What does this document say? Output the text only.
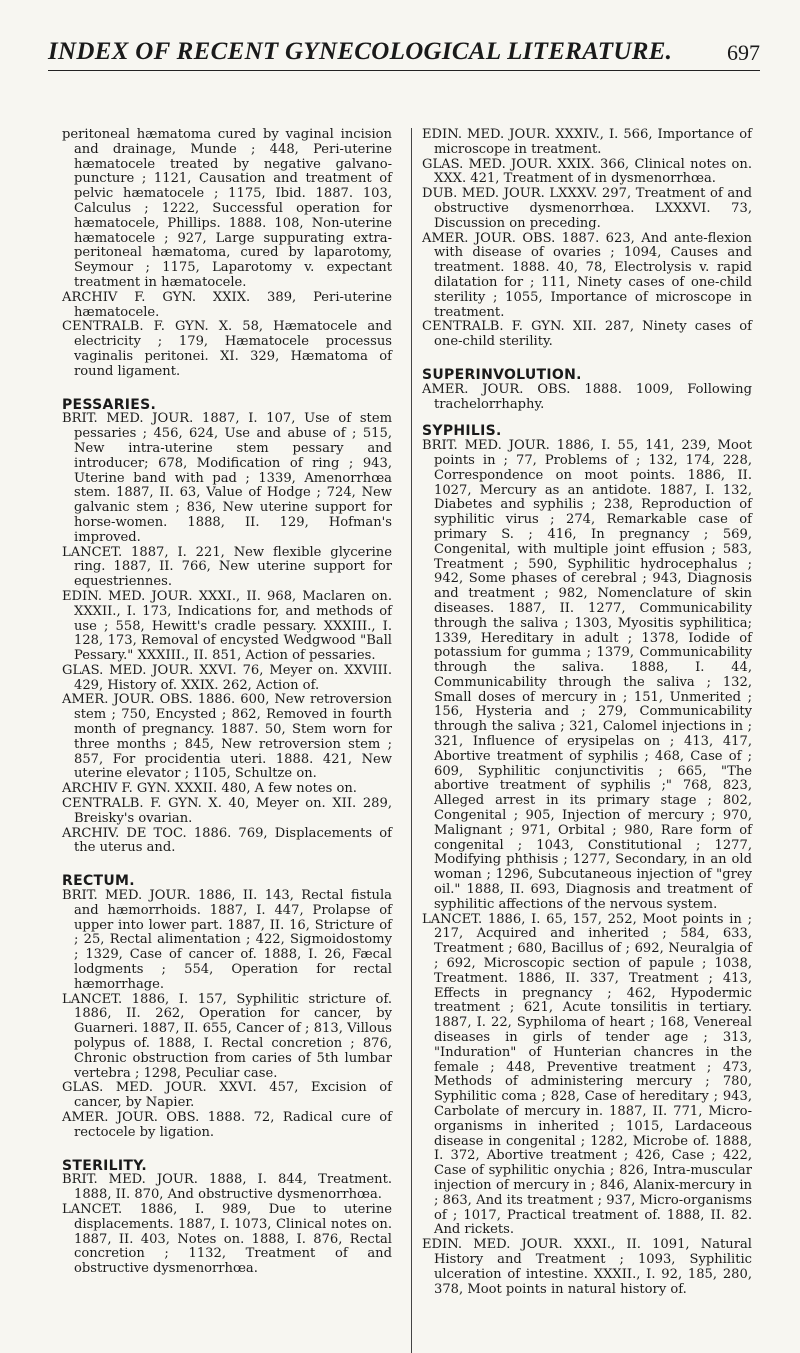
INDEX OF RECENT GYNECOLOGICAL LITERATURE. 697

peritoneal hæmatoma cured by vaginal incision and drainage, Munde ; 448, Peri-uterine hæmatocele treated by negative galvano-puncture ; 1121, Causation and treatment of pelvic hæmatocele ; 1175, Ibid. 1887. 103, Calculus ; 1222, Successful operation for hæmatocele, Phillips. 1888. 108, Non-uterine hæmatocele ; 927, Large suppurating extra-peritoneal hæmatoma, cured by laparotomy, Seymour ; 1175, Laparotomy v. expectant treatment in hæmatocele.

ARCHIV F. GYN. XXIX. 389, Peri-uterine hæmatocele.

CENTRALB. F. GYN. X. 58, Hæmatocele and electricity ; 179, Hæmatocele processus vaginalis peritonei. XI. 329, Hæmatoma of round ligament.

PESSARIES.

BRIT. MED. JOUR. 1887, I. 107, Use of stem pessaries ; 456, 624, Use and abuse of ; 515, New intra-uterine stem pessary and introducer; 678, Modification of ring ; 943, Uterine band with pad ; 1339, Amenorrhœa stem. 1887, II. 63, Value of Hodge ; 724, New galvanic stem ; 836, New uterine support for horse-women. 1888, II. 129, Hofman's improved.

LANCET. 1887, I. 221, New flexible glycerine ring. 1887, II. 766, New uterine support for equestriennes.

EDIN. MED. JOUR. XXXI., II. 968, Maclaren on. XXXII., I. 173, Indications for, and methods of use ; 558, Hewitt's cradle pessary. XXXIII., I. 128, 173, Removal of encysted Wedgwood "Ball Pessary." XXXIII., II. 851, Action of pessaries.

GLAS. MED. JOUR. XXVI. 76, Meyer on. XXVIII. 429, History of. XXIX. 262, Action of.

AMER. JOUR. OBS. 1886. 600, New retroversion stem ; 750, Encysted ; 862, Removed in fourth month of pregnancy. 1887. 50, Stem worn for three months ; 845, New retroversion stem ; 857, For procidentia uteri. 1888. 421, New uterine elevator ; 1105, Schultze on.

ARCHIV F. GYN. XXXII. 480, A few notes on.

CENTRALB. F. GYN. X. 40, Meyer on. XII. 289, Breisky's ovarian.

ARCHIV. DE TOC. 1886. 769, Displacements of the uterus and.

RECTUM.

BRIT. MED. JOUR. 1886, II. 143, Rectal fistula and hæmorrhoids. 1887, I. 447, Prolapse of upper into lower part. 1887, II. 16, Stricture of ; 25, Rectal alimentation ; 422, Sigmoidostomy ; 1329, Case of cancer of. 1888, I. 26, Fæcal lodgments ; 554, Operation for rectal hæmorrhage.

LANCET. 1886, I. 157, Syphilitic stricture of. 1886, II. 262, Operation for cancer, by Guarneri. 1887, II. 655, Cancer of ; 813, Villous polypus of. 1888, I. Rectal concretion ; 876, Chronic obstruction from caries of 5th lumbar vertebra ; 1298, Peculiar case.

GLAS. MED. JOUR. XXVI. 457, Excision of cancer, by Napier.

AMER. JOUR. OBS. 1888. 72, Radical cure of rectocele by ligation.

STERILITY.

BRIT. MED. JOUR. 1888, I. 844, Treatment. 1888, II. 870, And obstructive dysmenorrhœa.

LANCET. 1886, I. 989, Due to uterine displacements. 1887, I. 1073, Clinical notes on. 1887, II. 403, Notes on. 1888, I. 876, Rectal concretion ; 1132, Treatment of and obstructive dysmenorrhœa.

EDIN. MED. JOUR. XXXIV., I. 566, Importance of microscope in treatment.

GLAS. MED. JOUR. XXIX. 366, Clinical notes on. XXX. 421, Treatment of in dysmenorrhœa.

DUB. MED. JOUR. LXXXV. 297, Treatment of and obstructive dysmenorrhœa. LXXXVI. 73, Discussion on preceding.

AMER. JOUR. OBS. 1887. 623, And ante-flexion with disease of ovaries ; 1094, Causes and treatment. 1888. 40, 78, Electrolysis v. rapid dilatation for ; 111, Ninety cases of one-child sterility ; 1055, Importance of microscope in treatment.

CENTRALB. F. GYN. XII. 287, Ninety cases of one-child sterility.

SUPERINVOLUTION.

AMER. JOUR. OBS. 1888. 1009, Following trachelorrhaphy.

SYPHILIS.

BRIT. MED. JOUR. 1886, I. 55, 141, 239, Moot points in ; 77, Problems of ; 132, 174, 228, Correspondence on moot points. 1886, II. 1027, Mercury as an antidote. 1887, I. 132, Diabetes and syphilis ; 238, Reproduction of syphilitic virus ; 274, Remarkable case of primary S. ; 416, In pregnancy ; 569, Congenital, with multiple joint effusion ; 583, Treatment ; 590, Syphilitic hydrocephalus ; 942, Some phases of cerebral ; 943, Diagnosis and treatment ; 982, Nomenclature of skin diseases. 1887, II. 1277, Communicability through the saliva ; 1303, Myositis syphilitica; 1339, Hereditary in adult ; 1378, Iodide of potassium for gumma ; 1379, Communicability through the saliva. 1888, I. 44, Communicability through the saliva ; 132, Small doses of mercury in ; 151, Unmerited ; 156, Hysteria and ; 279, Communicability through the saliva ; 321, Calomel injections in ; 321, Influence of erysipelas on ; 413, 417, Abortive treatment of syphilis ; 468, Case of ; 609, Syphilitic conjunctivitis ; 665, "The abortive treatment of syphilis ;" 768, 823, Alleged arrest in its primary stage ; 802, Congenital ; 905, Injection of mercury ; 970, Malignant ; 971, Orbital ; 980, Rare form of congenital ; 1043, Constitutional ; 1277, Modifying phthisis ; 1277, Secondary, in an old woman ; 1296, Subcutaneous injection of "grey oil." 1888, II. 693, Diagnosis and treatment of syphilitic affections of the nervous system.

LANCET. 1886, I. 65, 157, 252, Moot points in ; 217, Acquired and inherited ; 584, 633, Treatment ; 680, Bacillus of ; 692, Neuralgia of ; 692, Microscopic section of papule ; 1038, Treatment. 1886, II. 337, Treatment ; 413, Effects in pregnancy ; 462, Hypodermic treatment ; 621, Acute tonsilitis in tertiary. 1887, I. 22, Syphiloma of heart ; 168, Venereal diseases in girls of tender age ; 313, "Induration" of Hunterian chancres in the female ; 448, Preventive treatment ; 473, Methods of administering mercury ; 780, Syphilitic coma ; 828, Case of hereditary ; 943, Carbolate of mercury in. 1887, II. 771, Micro-organisms in inherited ; 1015, Lardaceous disease in congenital ; 1282, Microbe of. 1888, I. 372, Abortive treatment ; 426, Case ; 422, Case of syphilitic onychia ; 826, Intra-muscular injection of mercury in ; 846, Alanix-mercury in ; 863, And its treatment ; 937, Micro-organisms of ; 1017, Practical treatment of. 1888, II. 82. And rickets.

EDIN. MED. JOUR. XXXI., II. 1091, Natural History and Treatment ; 1093, Syphilitic ulceration of intestine. XXXII., I. 92, 185, 280, 378, Moot points in natural history of.
